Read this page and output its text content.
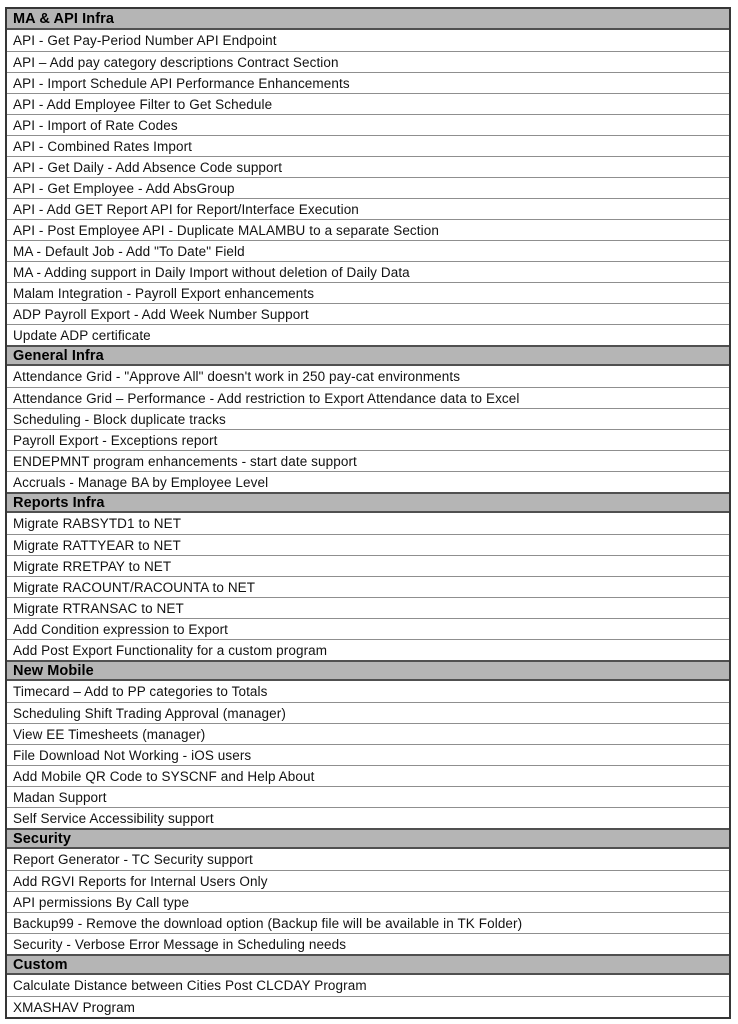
MA & API Infra
API - Get Pay-Period Number API Endpoint
API – Add pay category descriptions Contract Section
API - Import Schedule API Performance Enhancements
API - Add Employee Filter to Get Schedule
API - Import of Rate Codes
API - Combined Rates Import
API - Get Daily - Add Absence Code support
API - Get Employee - Add AbsGroup
API - Add GET Report API for Report/Interface Execution
API - Post Employee API - Duplicate MALAMBU to a separate Section
MA - Default Job - Add "To Date" Field
MA - Adding support in Daily Import without deletion of Daily Data
Malam Integration - Payroll Export enhancements
ADP Payroll Export - Add Week Number Support
Update ADP certificate
General Infra
Attendance Grid - "Approve All" doesn't work in 250 pay-cat environments
Attendance Grid – Performance - Add restriction to Export Attendance data to Excel
Scheduling - Block duplicate tracks
Payroll Export - Exceptions report
ENDEPMNT program enhancements - start date support
Accruals - Manage BA by Employee Level
Reports Infra
Migrate RABSYTD1 to NET
Migrate RATTYEAR to NET
Migrate RRETPAY to NET
Migrate RACOUNT/RACOUNTA to NET
Migrate RTRANSAC to NET
Add Condition expression to Export
Add Post Export Functionality for a custom program
New Mobile
Timecard – Add to PP categories to Totals
Scheduling Shift Trading Approval (manager)
View EE Timesheets (manager)
File Download Not Working - iOS users
Add Mobile QR Code to SYSCNF and Help About
Madan Support
Self Service Accessibility support
Security
Report Generator - TC Security support
Add RGVI Reports for Internal Users Only
API permissions By Call type
Backup99 - Remove the download option (Backup file will be available in TK Folder)
Security - Verbose Error Message in Scheduling needs
Custom
Calculate Distance between Cities Post CLCDAY Program
XMASHAV Program
